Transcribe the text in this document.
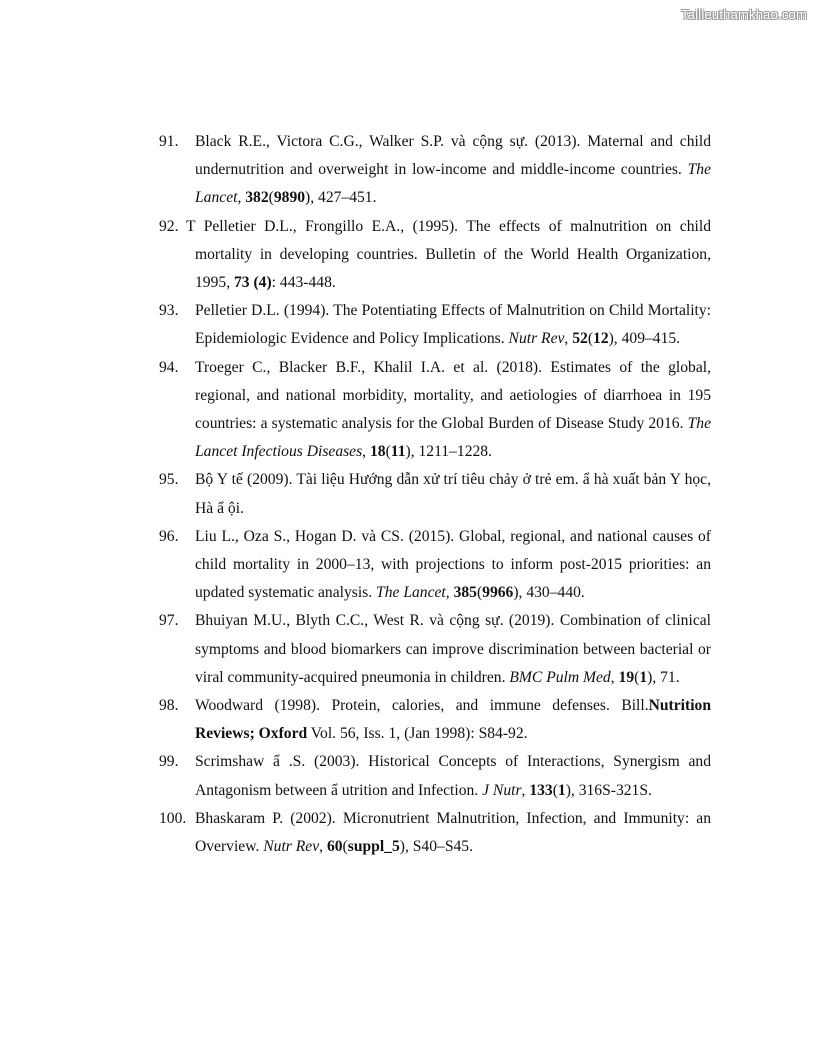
Tailieuthamkhao.com
91. Black R.E., Victora C.G., Walker S.P. và cộng sự. (2013). Maternal and child undernutrition and overweight in low-income and middle-income countries. The Lancet, 382(9890), 427–451.
92. T Pelletier D.L., Frongillo E.A., (1995). The effects of malnutrition on child mortality in developing countries. Bulletin of the World Health Organization, 1995, 73 (4): 443-448.
93. Pelletier D.L. (1994). The Potentiating Effects of Malnutrition on Child Mortality: Epidemiologic Evidence and Policy Implications. Nutr Rev, 52(12), 409–415.
94. Troeger C., Blacker B.F., Khalil I.A. et al. (2018). Estimates of the global, regional, and national morbidity, mortality, and aetiologies of diarrhoea in 195 countries: a systematic analysis for the Global Burden of Disease Study 2016. The Lancet Infectious Diseases, 18(11), 1211–1228.
95. Bộ Y tế (2009). Tài liệu Hướng dẫn xử trí tiêu chảy ở trẻ em. ẩ hà xuất bản Y học, Hà ẩ ội.
96. Liu L., Oza S., Hogan D. và CS. (2015). Global, regional, and national causes of child mortality in 2000–13, with projections to inform post-2015 priorities: an updated systematic analysis. The Lancet, 385(9966), 430–440.
97. Bhuiyan M.U., Blyth C.C., West R. và cộng sự. (2019). Combination of clinical symptoms and blood biomarkers can improve discrimination between bacterial or viral community-acquired pneumonia in children. BMC Pulm Med, 19(1), 71.
98. Woodward (1998). Protein, calories, and immune defenses. Bill.Nutrition Reviews; Oxford Vol. 56, Iss. 1, (Jan 1998): S84-92.
99. Scrimshaw ẩ .S. (2003). Historical Concepts of Interactions, Synergism and Antagonism between ẩ utrition and Infection. J Nutr, 133(1), 316S-321S.
100. Bhaskaram P. (2002). Micronutrient Malnutrition, Infection, and Immunity: an Overview. Nutr Rev, 60(suppl_5), S40–S45.
